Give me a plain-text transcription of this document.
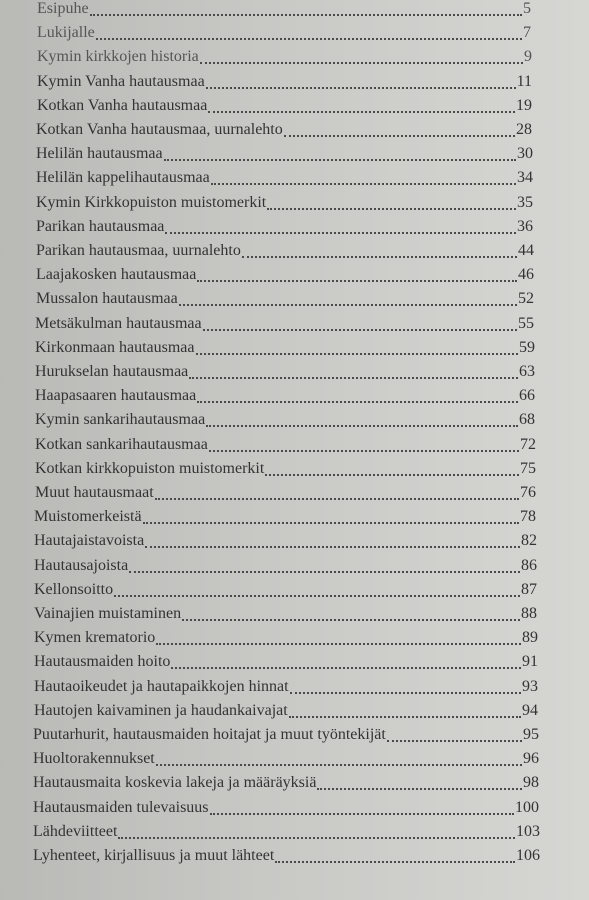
Esipuhe	5
Lukijalle	7
Kymin kirkkojen historia	9
Kymin Vanha hautausmaa	11
Kotkan Vanha hautausmaa	19
Kotkan Vanha hautausmaa, uurnalehto	28
Helilän hautausmaa	30
Helilän kappelihautausmaa	34
Kymin Kirkkopuiston muistomerkit	35
Parikan hautausmaa	36
Parikan hautausmaa, uurnalehto	44
Laajakosken hautausmaa	46
Mussalon hautausmaa	52
Metsäkulman hautausmaa	55
Kirkonmaan hautausmaa	59
Hurukselan hautausmaa	63
Haapasaaren hautausmaa	66
Kymin sankarihautausmaa	68
Kotkan sankarihautausmaa	72
Kotkan kirkkopuiston muistomerkit	75
Muut hautausmaat	76
Muistomerkeistä	78
Hautajaistavoista	82
Hautausajoista	86
Kellonsoitto	87
Vainajien muistaminen	88
Kymen krematorio	89
Hautausmaiden hoito	91
Hautaoikeudet ja hautapaikkojen hinnat	93
Hautojen kaivaminen ja haudankaivajat	94
Puutarhurit, hautausmaiden hoitajat ja muut työntekijät	95
Huoltorakennukset	96
Hautausmaita koskevia lakeja ja määräyksiä	98
Hautausmaiden tulevaisuus	100
Lähdeviitteet	103
Lyhenteet, kirjallisuus ja muut lähteet	106
